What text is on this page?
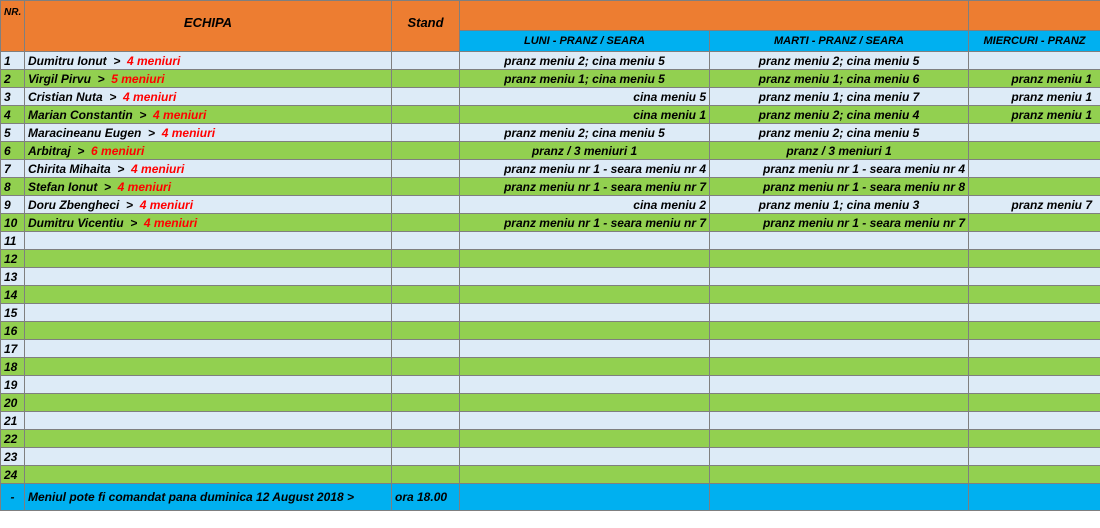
NR.	ECHIPA	Stand			
			LUNI - PRANZ / SEARA	MARTI - PRANZ / SEARA	MIERCURI - PRANZ
1	Dumitru Ionut  >  4 meniuri		pranz meniu 2; cina meniu 5	pranz meniu 2; cina meniu 5	
2	Virgil Pirvu  >  5 meniuri		pranz meniu 1; cina meniu 5	pranz meniu 1; cina meniu 6	pranz meniu 1
3	Cristian Nuta  >  4 meniuri		cina meniu 5	pranz meniu 1; cina meniu 7	pranz meniu 1
4	Marian Constantin  >  4 meniuri		cina meniu 1	pranz meniu 2; cina meniu 4	pranz meniu 1
5	Maracineanu Eugen  >  4 meniuri		pranz meniu 2; cina meniu 5	pranz meniu 2; cina meniu 5	
6	Arbitraj  >  6 meniuri		pranz / 3 meniuri 1	pranz / 3 meniuri 1	
7	Chirita Mihaita  >  4 meniuri		pranz meniu nr 1 - seara meniu nr 4	pranz meniu nr 1 - seara meniu nr 4	
8	Stefan Ionut  >  4 meniuri		pranz meniu nr 1 - seara meniu nr 7	pranz meniu nr 1 - seara meniu nr 8	
9	Doru Zbengheci  >  4 meniuri		cina meniu 2	pranz meniu 1; cina meniu 3	pranz meniu 7
10	Dumitru Vicentiu  >  4 meniuri		pranz meniu nr 1 - seara meniu nr 7	pranz meniu nr 1 - seara meniu nr 7	
11					
12					
13					
14					
15					
16					
17					
18					
19					
20					
21					
22					
23					
24					
-	Meniul pote fi comandat pana duminica 12 August 2018 >	ora 18.00			
